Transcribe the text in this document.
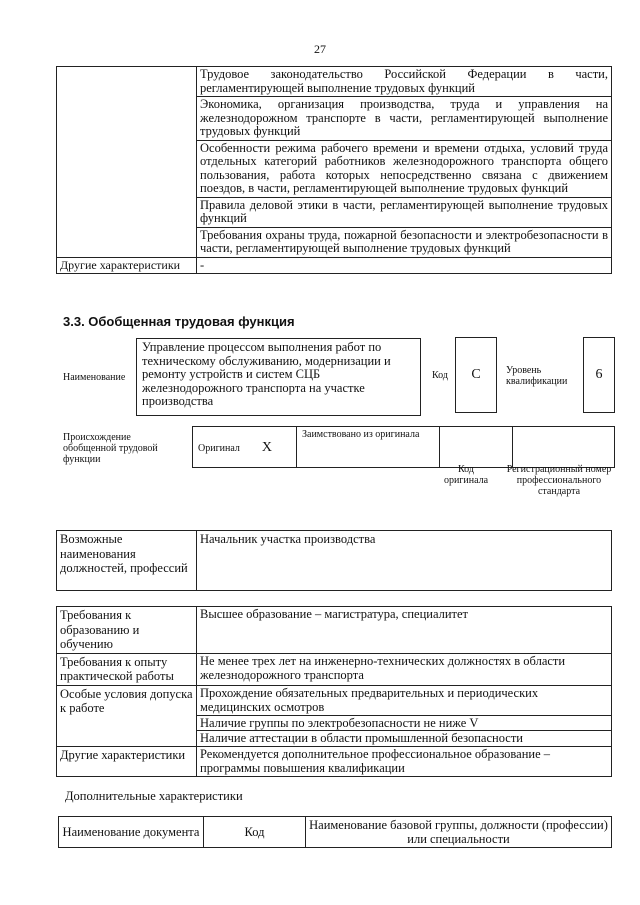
27
	Трудовое законодательство Российской Федерации в части, регламентирующей выполнение трудовых функций
	Экономика, организация производства, труда и управления на железнодорожном транспорте в части, регламентирующей выполнение трудовых функций
	Особенности режима рабочего времени и времени отдыха, условий труда отдельных категорий работников железнодорожного транспорта общего пользования, работа которых непосредственно связана с движением поездов, в части, регламентирующей выполнение трудовых функций
	Правила деловой этики в части, регламентирующей выполнение трудовых функций
	Требования охраны труда, пожарной безопасности и электробезопасности в части, регламентирующей выполнение трудовых функций
Другие характеристики	-
3.3. Обобщенная трудовая функция
Наименование
Управление процессом выполнения работ по техническому обслуживанию, модернизации и ремонту устройств и систем СЦБ железнодорожного транспорта на участке производства
Код	С	Уровень квалификации	6
Происхождение обобщенной трудовой функции
Оригинал X	Заимствовано из оригинала		
Код оригинала
Регистрационный номер профессионального стандарта
Возможные наименования должностей, профессий	Начальник участка производства
Требования к образованию и обучению	Высшее образование – магистратура, специалитет
Требования к опыту практической работы	Не менее трех лет на инженерно-технических должностях в области железнодорожного транспорта
Особые условия допуска к работе	Прохождение обязательных предварительных и периодических медицинских осмотров
	Наличие группы по электробезопасности не ниже V
	Наличие аттестации в области промышленной безопасности
Другие характеристики	Рекомендуется дополнительное профессиональное образование – программы повышения квалификации
Дополнительные характеристики
Наименование документа	Код	Наименование базовой группы, должности (профессии) или специальности
